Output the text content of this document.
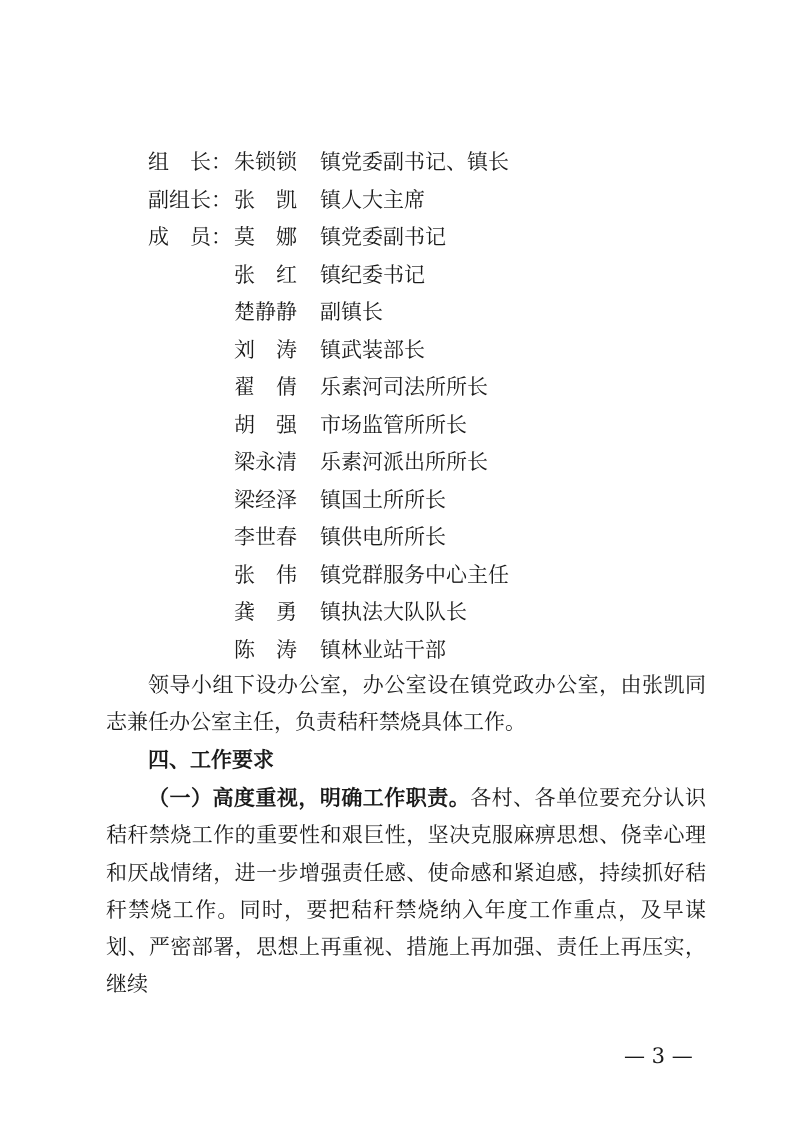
组　长： 朱锁锁	镇党委副书记、镇长
副组长： 张　凯	镇人大主席
成　员： 莫　娜	镇党委副书记
张　红	镇纪委书记
楚静静	副镇长
刘　涛	镇武装部长
翟　倩	乐素河司法所所长
胡　强	市场监管所所长
梁永清	乐素河派出所所长
梁经泽	镇国土所所长
李世春	镇供电所所长
张　伟	镇党群服务中心主任
龚　勇	镇执法大队队长
陈　涛	镇林业站干部

领导小组下设办公室，办公室设在镇党政办公室，由张凯同志兼任办公室主任，负责秸秆禁烧具体工作。

四、工作要求

（一）高度重视，明确工作职责。各村、各单位要充分认识秸秆禁烧工作的重要性和艰巨性，坚决克服麻痹思想、侥幸心理和厌战情绪，进一步增强责任感、使命感和紧迫感，持续抓好秸秆禁烧工作。同时，要把秸秆禁烧纳入年度工作重点，及早谋划、严密部署，思想上再重视、措施上再加强、责任上再压实，继续

— 3 —
